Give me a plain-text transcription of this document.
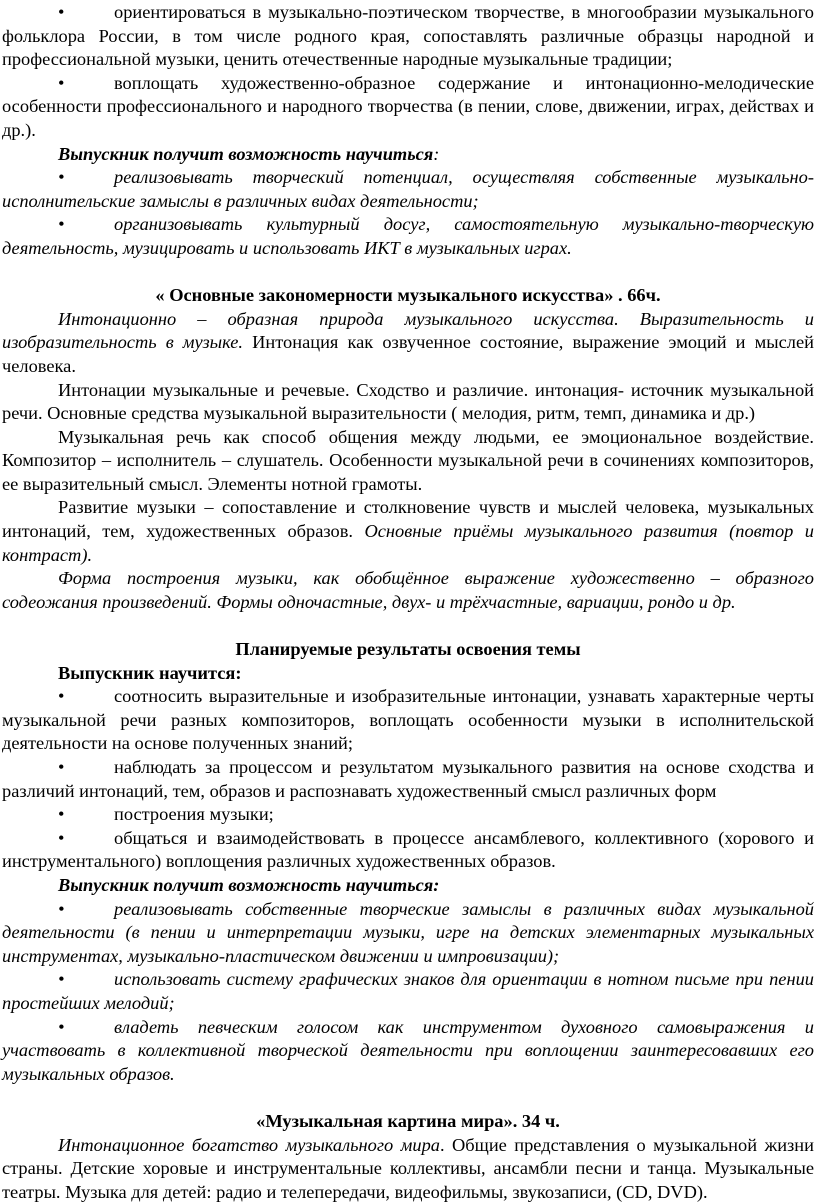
•	ориентироваться в музыкально-поэтическом творчестве, в многообразии музыкального фольклора России, в том числе родного края, сопоставлять различные образцы народной и профессиональной музыки, ценить отечественные народные музыкальные традиции;

•	воплощать художественно-образное содержание и интонационно-мелодические особенности профессионального и народного творчества (в пении, слове, движении, играх, действах и др.).

Выпускник получит возможность научиться:

•	реализовывать творческий потенциал, осуществляя собственные музыкально-исполнительские замыслы в различных видах деятельности;

•	организовывать культурный досуг, самостоятельную музыкально-творческую деятельность, музицировать и использовать ИКТ в музыкальных играх.

« Основные закономерности музыкального искусства» . 66ч.

Интонационно – образная природа музыкального искусства. Выразительность и изобразительность в музыке. Интонация как озвученное состояние, выражение эмоций и мыслей человека.

Интонации музыкальные и речевые. Сходство и различие. интонация- источник музыкальной речи. Основные средства музыкальной выразительности ( мелодия, ритм, темп, динамика и др.)

Музыкальная речь как способ общения между людьми, ее эмоциональное воздействие. Композитор – исполнитель – слушатель. Особенности музыкальной речи в сочинениях композиторов, ее выразительный смысл. Элементы нотной грамоты.

Развитие музыки – сопоставление и столкновение чувств и мыслей человека, музыкальных интонаций, тем, художественных образов. Основные приёмы музыкального развития (повтор и контраст).

Форма построения музыки, как обобщённое выражение художественно – образного содеожания произведений. Формы одночастные, двух- и трёхчастные, вариации, рондо и др.

Планируемые результаты освоения темы

Выпускник научится:

•	соотносить выразительные и изобразительные интонации, узнавать характерные черты музыкальной речи разных композиторов, воплощать особенности музыки в исполнительской деятельности на основе полученных знаний;

•	наблюдать за процессом и результатом музыкального развития на основе сходства и различий интонаций, тем, образов и распознавать художественный смысл различных форм

•	построения музыки;

•	общаться и взаимодействовать в процессе ансамблевого, коллективного (хорового и инструментального) воплощения различных художественных образов.

Выпускник получит возможность научиться:

•	реализовывать собственные творческие замыслы в различных видах музыкальной деятельности (в пении и интерпретации музыки, игре на детских элементарных музыкальных инструментах, музыкально-пластическом движении и импровизации);

•	использовать систему графических знаков для ориентации в нотном письме при пении простейших мелодий;

•	владеть певческим голосом как инструментом духовного самовыражения и участвовать в коллективной творческой деятельности при воплощении заинтересовавших его музыкальных образов.

«Музыкальная картина мира». 34 ч.

Интонационное богатство музыкального мира. Общие представления о музыкальной жизни страны. Детские хоровые и инструментальные коллективы, ансамбли песни и танца. Музыкальные театры. Музыка для детей: радио и телепередачи, видеофильмы, звукозаписи, (CD, DVD).
